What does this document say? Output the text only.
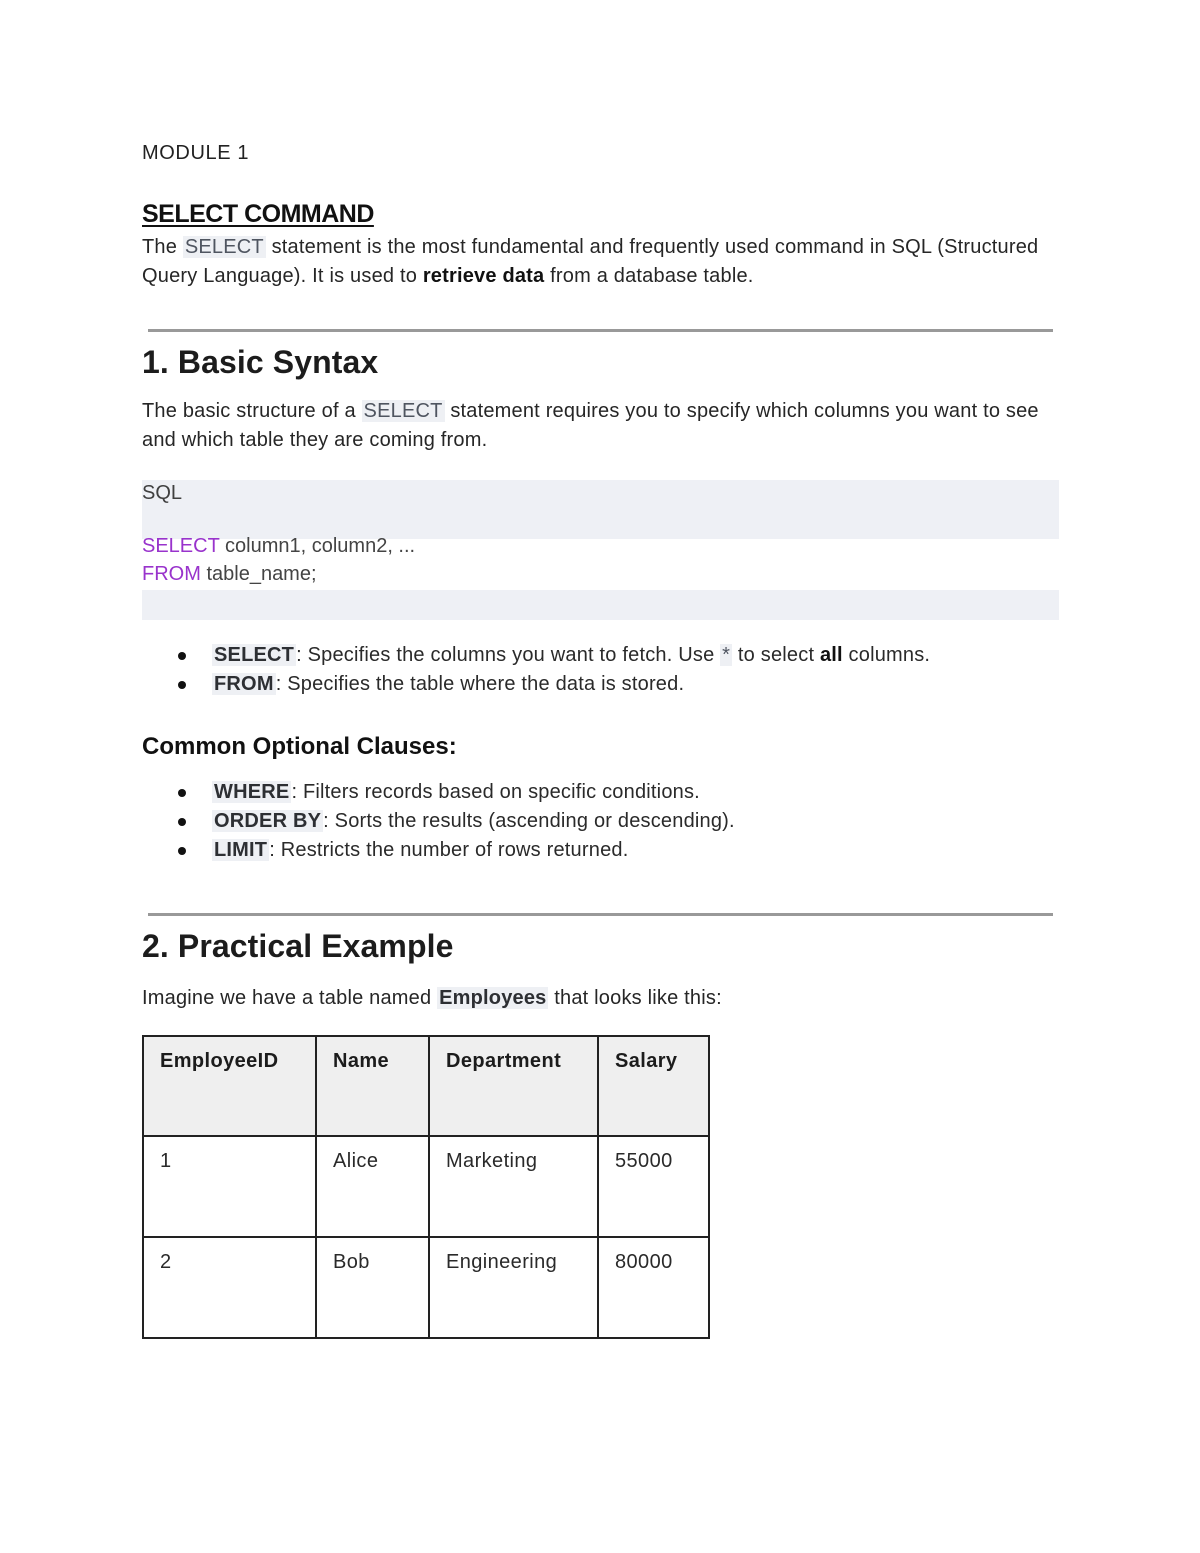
MODULE 1
SELECT COMMAND
The SELECT statement is the most fundamental and frequently used command in SQL (Structured Query Language). It is used to retrieve data from a database table.
1. Basic Syntax
The basic structure of a SELECT statement requires you to specify which columns you want to see and which table they are coming from.
SQL
SELECT column1, column2, ...
FROM table_name;
SELECT : Specifies the columns you want to fetch. Use * to select all columns.
FROM : Specifies the table where the data is stored.
Common Optional Clauses:
WHERE : Filters records based on specific conditions.
ORDER BY : Sorts the results (ascending or descending).
LIMIT : Restricts the number of rows returned.
2. Practical Example
Imagine we have a table named Employees that looks like this:
EmployeeID	Name	Department	Salary
1	Alice	Marketing	55000
2	Bob	Engineering	80000
